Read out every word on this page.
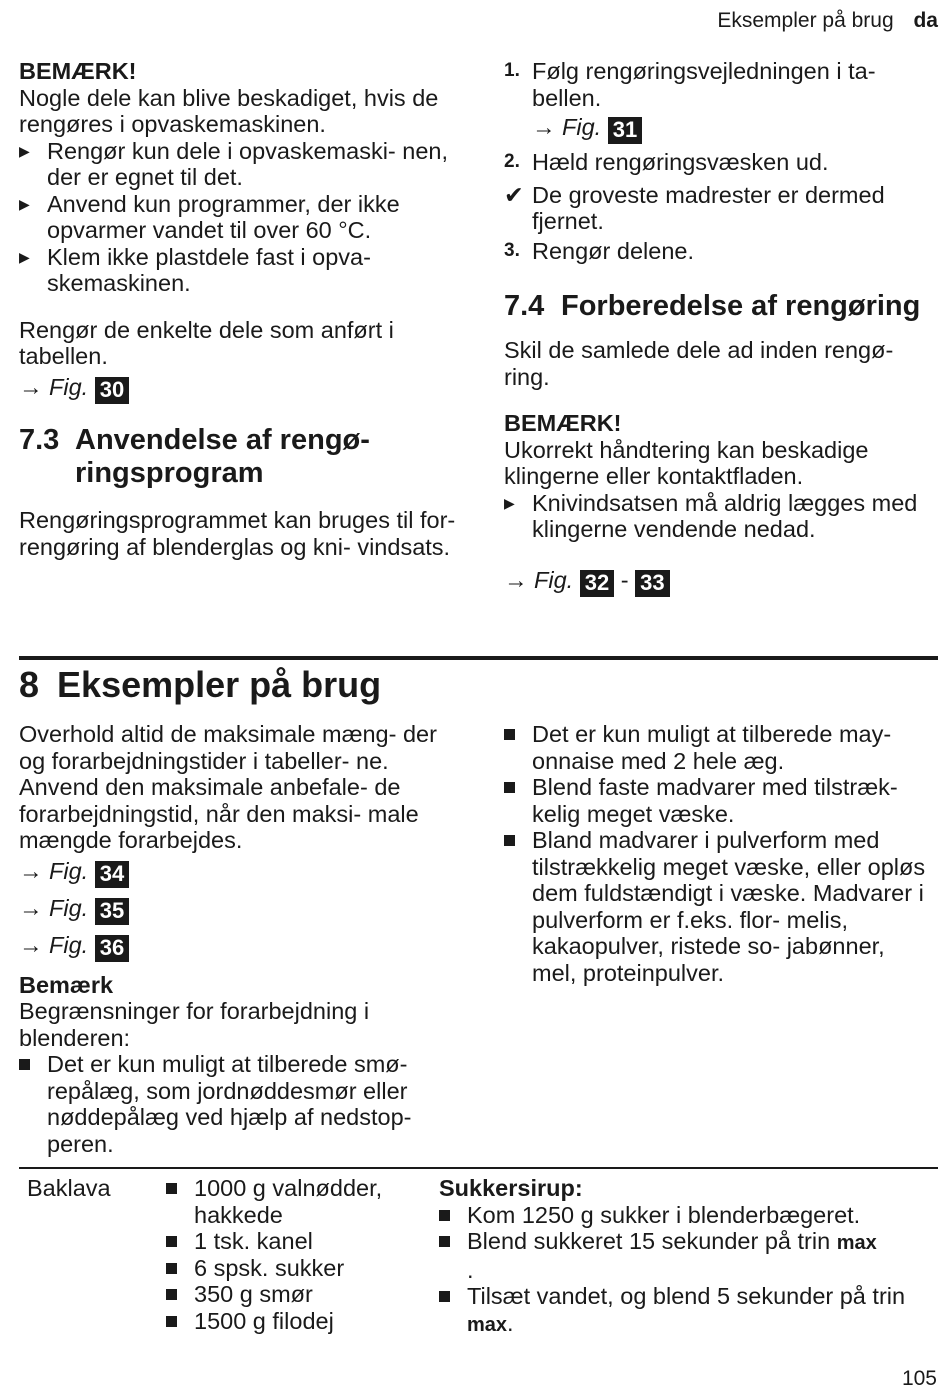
Eksempler på brug da

BEMÆRK!

Nogle dele kan blive beskadiget, hvis de rengøres i opvaskemaskinen.

▶ Rengør kun dele i opvaskemaski- nen, der er egnet til det.
▶ Anvend kun programmer, der ikke opvarmer vandet til over 60 °C.
▶ Klem ikke plastdele fast i opva- skemaskinen.

Rengør de enkelte dele som anført i tabellen.

→ Fig. 30

7.3 Anvendelse af rengø- ringsprogram

Rengøringsprogrammet kan bruges til for-rengøring af blenderglas og kni- vindsats.

1. Følg rengøringsvejledningen i ta- bellen.

→ Fig. 31

2. Hæld rengøringsvæsken ud.
✔ De groveste madrester er dermed fjernet.
3. Rengør delene.
7.4 Forberedelse af rengøring

Skil de samlede dele ad inden rengø- ring.

BEMÆRK!

Ukorrekt håndtering kan beskadige klingerne eller kontaktfladen.

▶ Knivindsatsen må aldrig lægges med klingerne vendende nedad.

→ Fig. 32 - 33

8 Eksempler på brug

Overhold altid de maksimale mæng- der og forarbejdningstider i tabeller- ne. Anvend den maksimale anbefale- de forarbejdningstid, når den maksi- male mængde forarbejdes.

→ Fig. 34

→ Fig. 35

→ Fig. 36

Bemærk

Begrænsninger for forarbejdning i blenderen:

Det er kun muligt at tilberede smø- repålæg, som jordnøddesmør eller nøddepålæg ved hjælp af nedstop- peren.
Det er kun muligt at tilberede may- onnaise med 2 hele æg.
Blend faste madvarer med tilstræk- kelig meget væske.
Bland madvarer i pulverform med tilstrækkelig meget væske, eller opløs dem fuldstændigt i væske. Madvarer i pulverform er f.eks. flor- melis, kakaopulver, ristede so- jabønner, mel, proteinpulver.
Baklava	1000 g valnødder, hakkede
1 tsk. kanel
6 spsk. sukker
350 g smør
1500 g filodej

Sukkersirup:

Kom 1250 g sukker i blenderbægeret.
Blend sukkeret 15 sekunder på trin max
.
Tilsæt vandet, og blend 5 sekunder på trin max.
105
